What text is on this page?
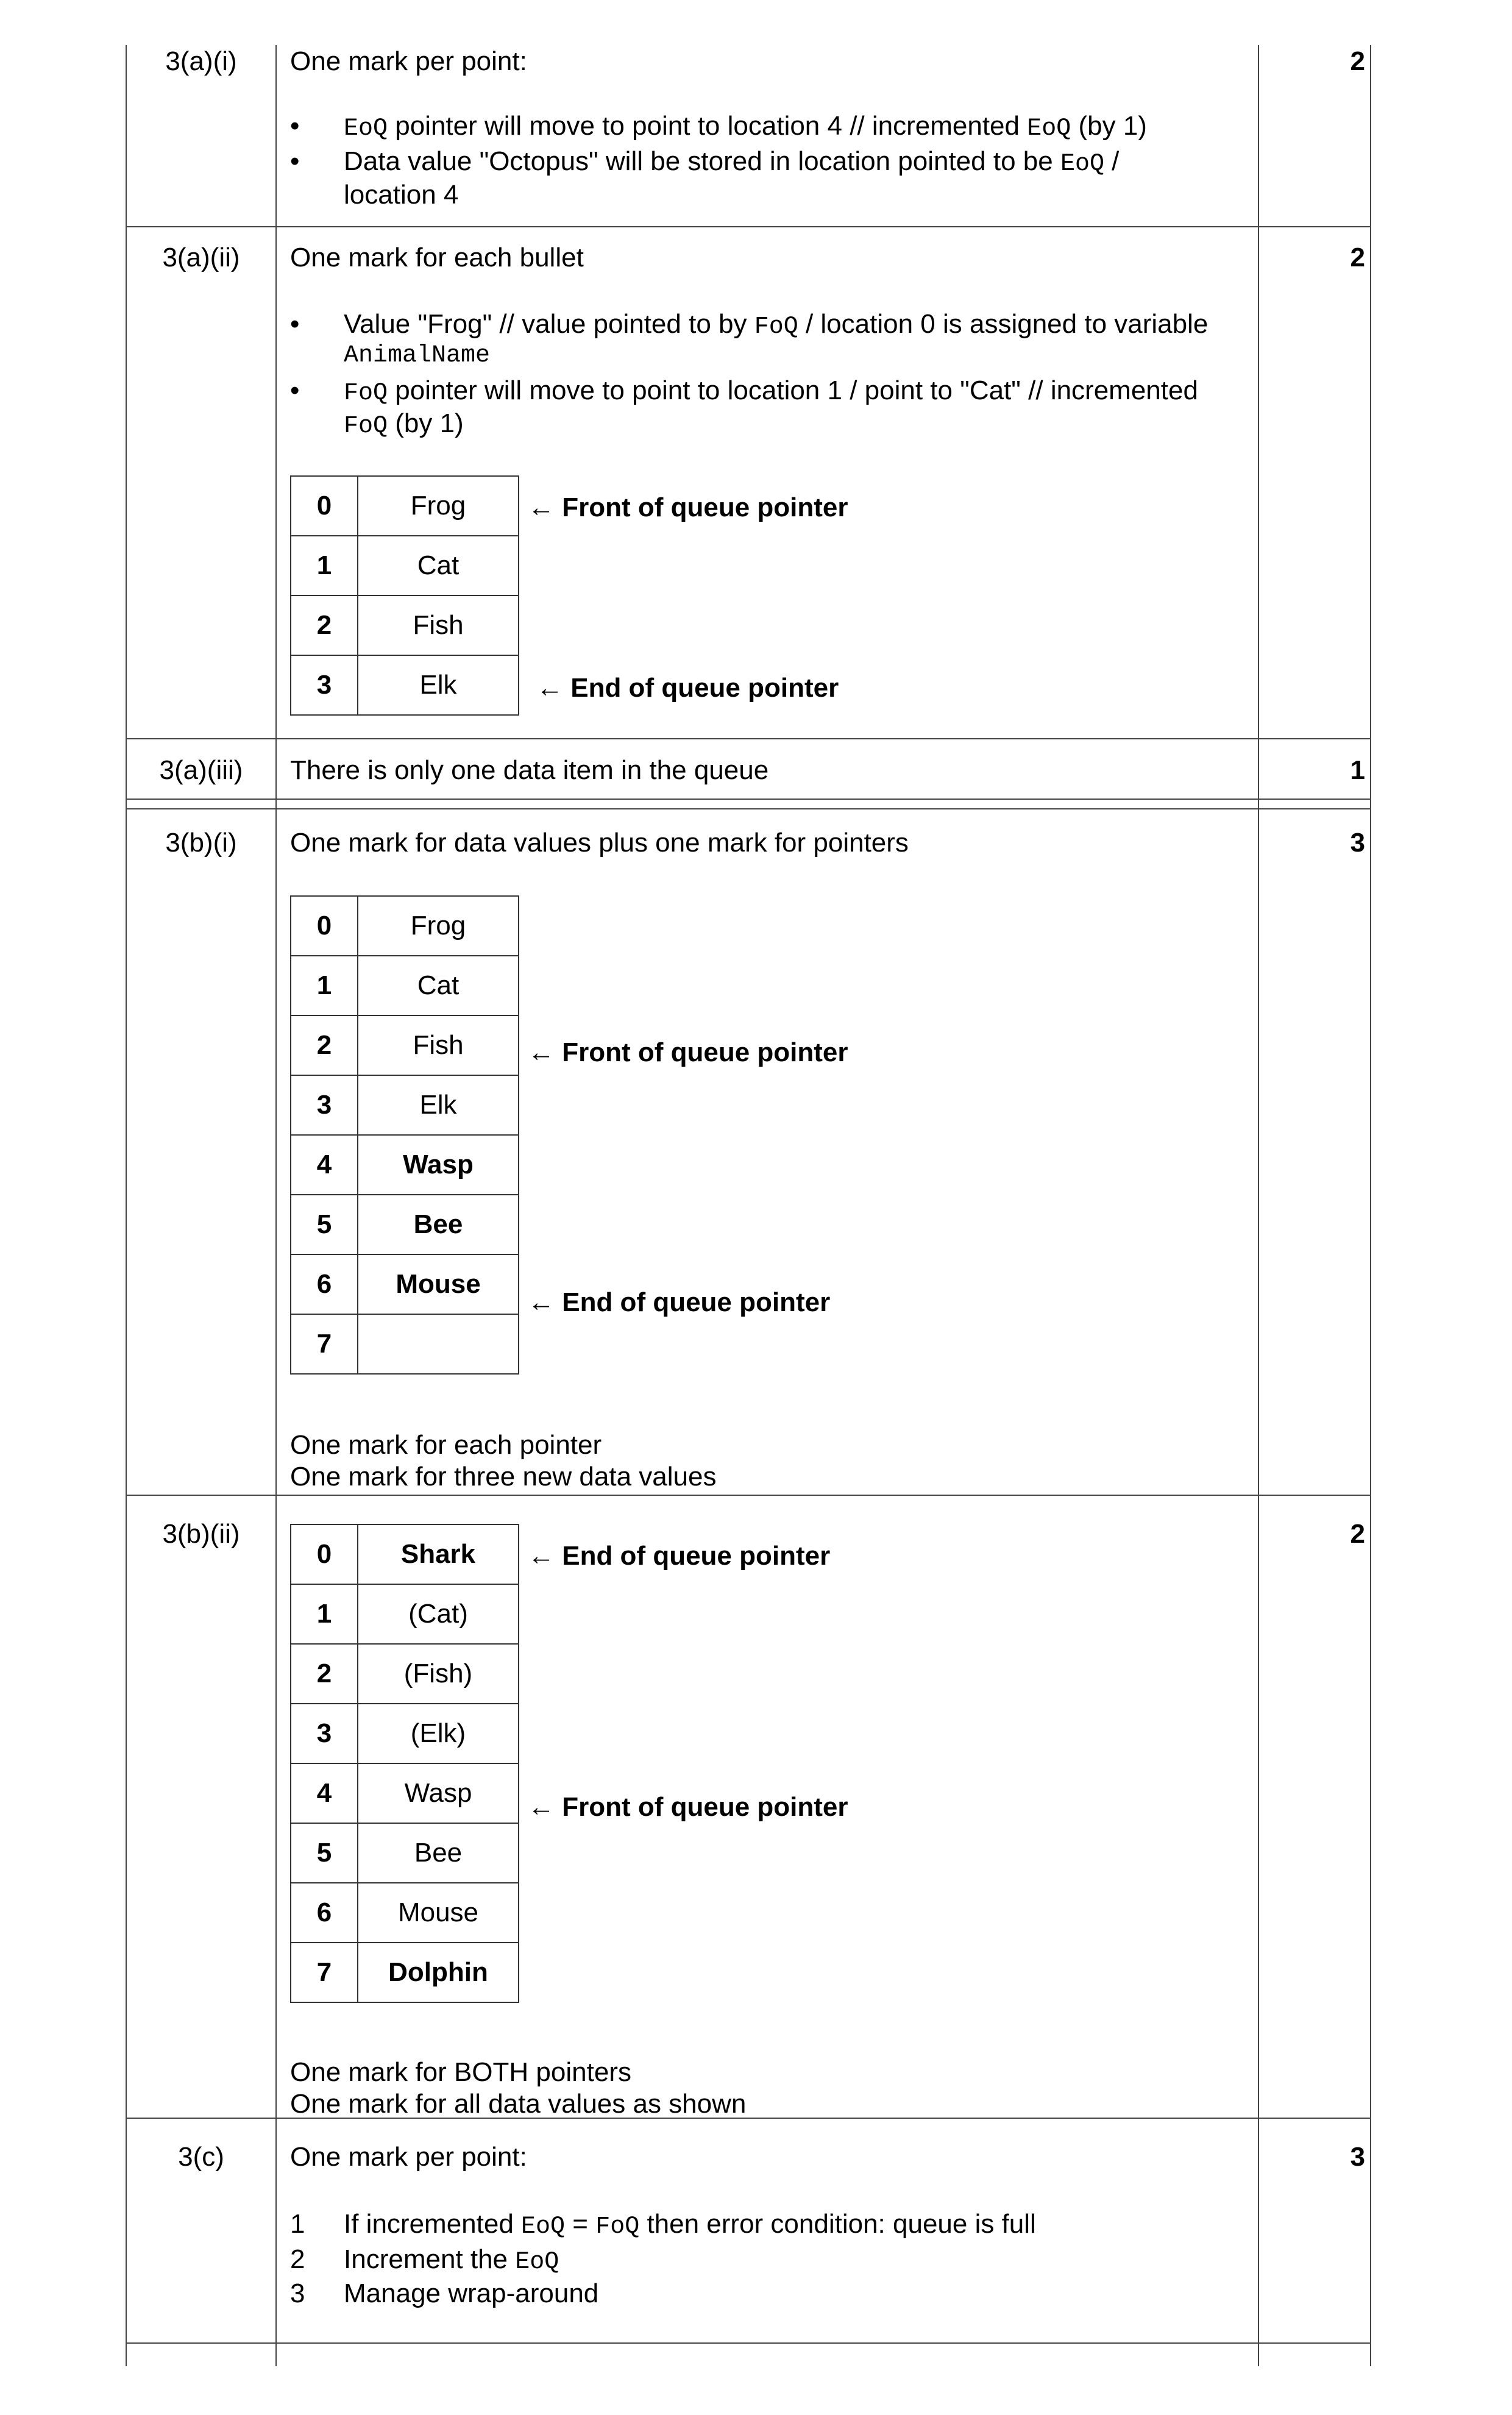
3(a)(i)	2
One mark per point:
• EoQ pointer will move to point to location 4 // incremented EoQ (by 1)
• Data value "Octopus" will be stored in location pointed to be EoQ /
location 4
3(a)(ii)	2
One mark for each bullet
• Value "Frog" // value pointed to by FoQ / location 0 is assigned to variable
AnimalName
• FoQ pointer will move to point to location 1 / point to "Cat" // incremented
FoQ (by 1)
0	Frog
1	Cat
2	Fish
3	Elk
← Front of queue pointer
← End of queue pointer
3(a)(iii)	1
There is only one data item in the queue
3(b)(i)	3
One mark for data values plus one mark for pointers
0	Frog
1	Cat
2	Fish
3	Elk
4	Wasp
5	Bee
6	Mouse
7	
← Front of queue pointer
← End of queue pointer
One mark for each pointer
One mark for three new data values
3(b)(ii)	2
0	Shark
1	(Cat)
2	(Fish)
3	(Elk)
4	Wasp
5	Bee
6	Mouse
7	Dolphin
← End of queue pointer
← Front of queue pointer
One mark for BOTH pointers
One mark for all data values as shown
3(c)	3
One mark per point:
1 If incremented EoQ = FoQ then error condition: queue is full
2 Increment the EoQ
3 Manage wrap-around
